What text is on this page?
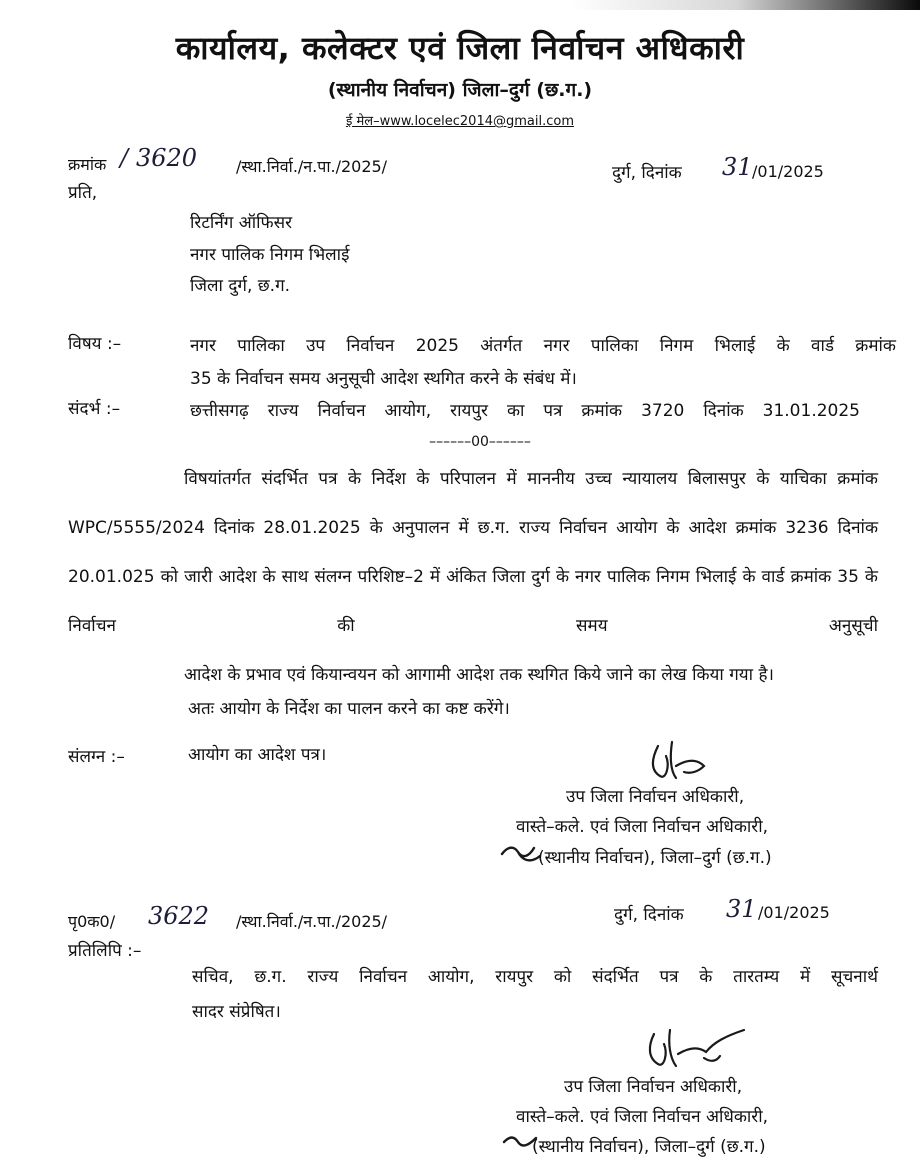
कार्यालय, कलेक्टर एवं जिला निर्वाचन अधिकारी
(स्थानीय निर्वाचन) जिला–दुर्ग (छ.ग.)
ई मेल–www.locelec2014@gmail.com
क्रमांक / 3620 /स्था.निर्वा./न.पा./2025/	दुर्ग, दिनांक 31 /01/2025
प्रति,
रिटर्निंग ऑफिसर
नगर पालिक निगम भिलाई
जिला दुर्ग, छ.ग.
विषय :–	नगर पालिका उप निर्वाचन 2025 अंतर्गत नगर पालिका निगम भिलाई के वार्ड क्रमांक
35 के निर्वाचन समय अनुसूची आदेश स्थगित करने के संबंध में।
संदर्भ :–	छत्तीसगढ़ राज्य निर्वाचन आयोग, रायपुर का पत्र क्रमांक 3720 दिनांक 31.01.2025
––––––00––––––
विषयांतर्गत संदर्भित पत्र के निर्देश के परिपालन में माननीय उच्च न्यायालय बिलासपुर के याचिका क्रमांक WPC/5555/2024 दिनांक 28.01.2025 के अनुपालन में छ.ग. राज्य निर्वाचन आयोग के आदेश क्रमांक 3236 दिनांक 20.01.025 को जारी आदेश के साथ संलग्न परिशिष्ट–2 में अंकित जिला दुर्ग के नगर पालिक निगम भिलाई के वार्ड क्रमांक 35 के निर्वाचन की समय अनुसूची
आदेश के प्रभाव एवं कियान्वयन को आगामी आदेश तक स्थगित किये जाने का लेख किया गया है।
अतः आयोग के निर्देश का पालन करने का कष्ट करेंगे।
संलग्न :–	आयोग का आदेश पत्र।
उप जिला निर्वाचन अधिकारी,
वास्ते–कले. एवं जिला निर्वाचन अधिकारी,
(स्थानीय निर्वाचन), जिला–दुर्ग (छ.ग.)
पृ0क0/ 3622 /स्था.निर्वा./न.पा./2025/	दुर्ग, दिनांक 31 /01/2025
प्रतिलिपि :–
सचिव, छ.ग. राज्य निर्वाचन आयोग, रायपुर को संदर्भित पत्र के तारतम्य में सूचनार्थ
सादर संप्रेषित।
उप जिला निर्वाचन अधिकारी,
वास्ते–कले. एवं जिला निर्वाचन अधिकारी,
(स्थानीय निर्वाचन), जिला–दुर्ग (छ.ग.)
